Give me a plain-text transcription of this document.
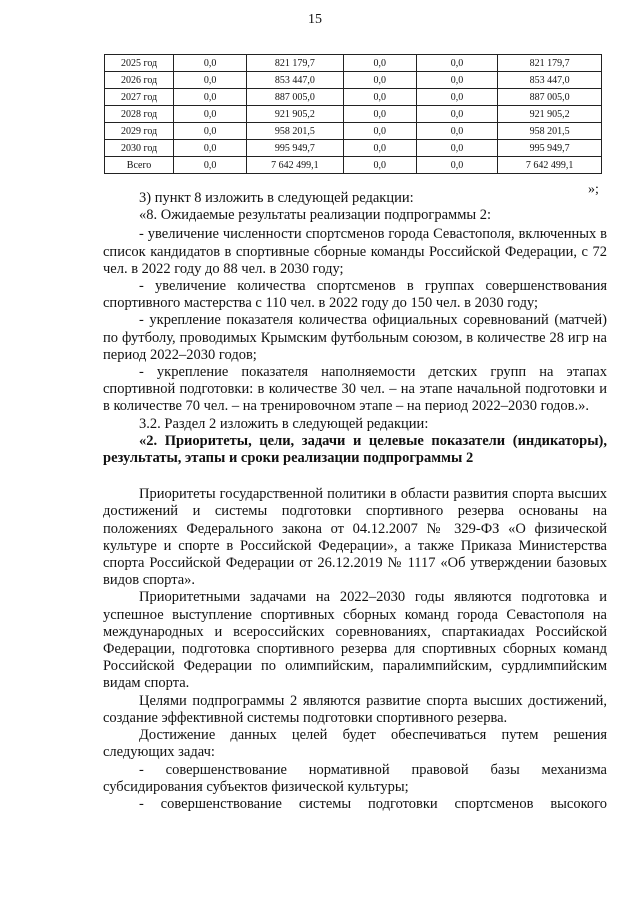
15
2025 год	0,0	821 179,7	0,0	0,0	821 179,7
2026 год	0,0	853 447,0	0,0	0,0	853 447,0
2027 год	0,0	887 005,0	0,0	0,0	887 005,0
2028 год	0,0	921 905,2	0,0	0,0	921 905,2
2029 год	0,0	958 201,5	0,0	0,0	958 201,5
2030 год	0,0	995 949,7	0,0	0,0	995 949,7
Всего	0,0	7 642 499,1	0,0	0,0	7 642 499,1
»;

3) пункт 8 изложить в следующей редакции:

«8. Ожидаемые результаты реализации подпрограммы 2:

- увеличение численности спортсменов города Севастополя, включенных в список кандидатов в спортивные сборные команды Российской Федерации, с 72 чел. в 2022 году до 88 чел. в 2030 году;

- увеличение количества спортсменов в группах совершенствования спортивного мастерства с 110 чел. в 2022 году до 150 чел. в 2030 году;

- укрепление показателя количества официальных соревнований (матчей) по футболу, проводимых Крымским футбольным союзом, в количестве 28 игр на период 2022–2030 годов;

- укрепление показателя наполняемости детских групп на этапах спортивной подготовки: в количестве 30 чел. – на этапе начальной подготовки и в количестве 70 чел. – на тренировочном этапе – на период 2022–2030 годов.».

3.2. Раздел 2 изложить в следующей редакции:

«2. Приоритеты, цели, задачи и целевые показатели (индикаторы), результаты, этапы и сроки реализации подпрограммы 2

Приоритеты государственной политики в области развития спорта высших достижений и системы подготовки спортивного резерва основаны на положениях Федерального закона от 04.12.2007 № 329-ФЗ «О физической культуре и спорте в Российской Федерации», а также Приказа Министерства спорта Российской Федерации от 26.12.2019 № 1117 «Об утверждении базовых видов спорта».

Приоритетными задачами на 2022–2030 годы являются подготовка и успешное выступление спортивных сборных команд города Севастополя на международных и всероссийских соревнованиях, спартакиадах Российской Федерации, подготовка спортивного резерва для спортивных сборных команд Российской Федерации по олимпийским, паралимпийским, сурдлимпийским видам спорта.

Целями подпрограммы 2 являются развитие спорта высших достижений, создание эффективной системы подготовки спортивного резерва.

Достижение данных целей будет обеспечиваться путем решения следующих задач:

- совершенствование нормативной правовой базы механизма субсидирования субъектов физической культуры;

- совершенствование системы подготовки спортсменов высокого
